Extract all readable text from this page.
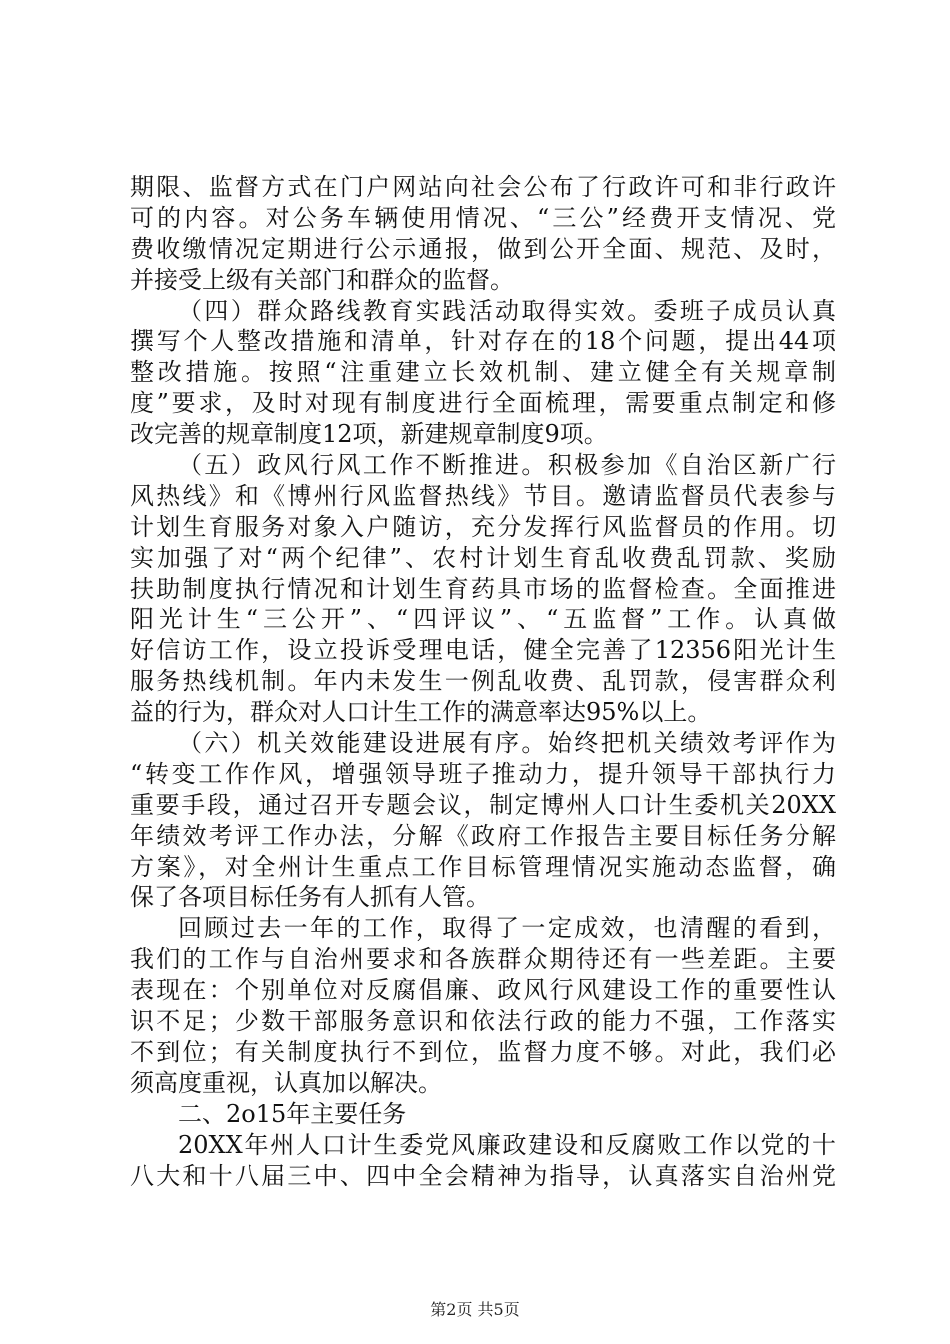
期限、监督方式在门户网站向社会公布了行政许可和非行政许
可的内容。对公务车辆使用情况、“三公”经费开支情况、党
费收缴情况定期进行公示通报，做到公开全面、规范、及时，
并接受上级有关部门和群众的监督。
（四）群众路线教育实践活动取得实效。委班子成员认真
撰写个人整改措施和清单，针对存在的18个问题，提出44项
整改措施。按照“注重建立长效机制、建立健全有关规章制
度”要求，及时对现有制度进行全面梳理，需要重点制定和修
改完善的规章制度12项，新建规章制度9项。
（五）政风行风工作不断推进。积极参加《自治区新广行
风热线》和《博州行风监督热线》节目。邀请监督员代表参与
计划生育服务对象入户随访，充分发挥行风监督员的作用。切
实加强了对“两个纪律”、农村计划生育乱收费乱罚款、奖励
扶助制度执行情况和计划生育药具市场的监督检查。全面推进
阳光计生“三公开”、“四评议”、“五监督”工作。认真做
好信访工作，设立投诉受理电话，健全完善了12356阳光计生
服务热线机制。年内未发生一例乱收费、乱罚款，侵害群众利
益的行为，群众对人口计生工作的满意率达95%以上。
（六）机关效能建设进展有序。始终把机关绩效考评作为
“转变工作作风，增强领导班子推动力，提升领导干部执行力
重要手段，通过召开专题会议，制定博州人口计生委机关20XX
年绩效考评工作办法，分解《政府工作报告主要目标任务分解
方案》，对全州计生重点工作目标管理情况实施动态监督，确
保了各项目标任务有人抓有人管。
回顾过去一年的工作，取得了一定成效，也清醒的看到，
我们的工作与自治州要求和各族群众期待还有一些差距。主要
表现在：个别单位对反腐倡廉、政风行风建设工作的重要性认
识不足；少数干部服务意识和依法行政的能力不强，工作落实
不到位；有关制度执行不到位，监督力度不够。对此，我们必
须高度重视，认真加以解决。
二、2o15年主要任务
20XX年州人口计生委党风廉政建设和反腐败工作以党的十
八大和十八届三中、四中全会精神为指导，认真落实自治州党
第2页 共5页
